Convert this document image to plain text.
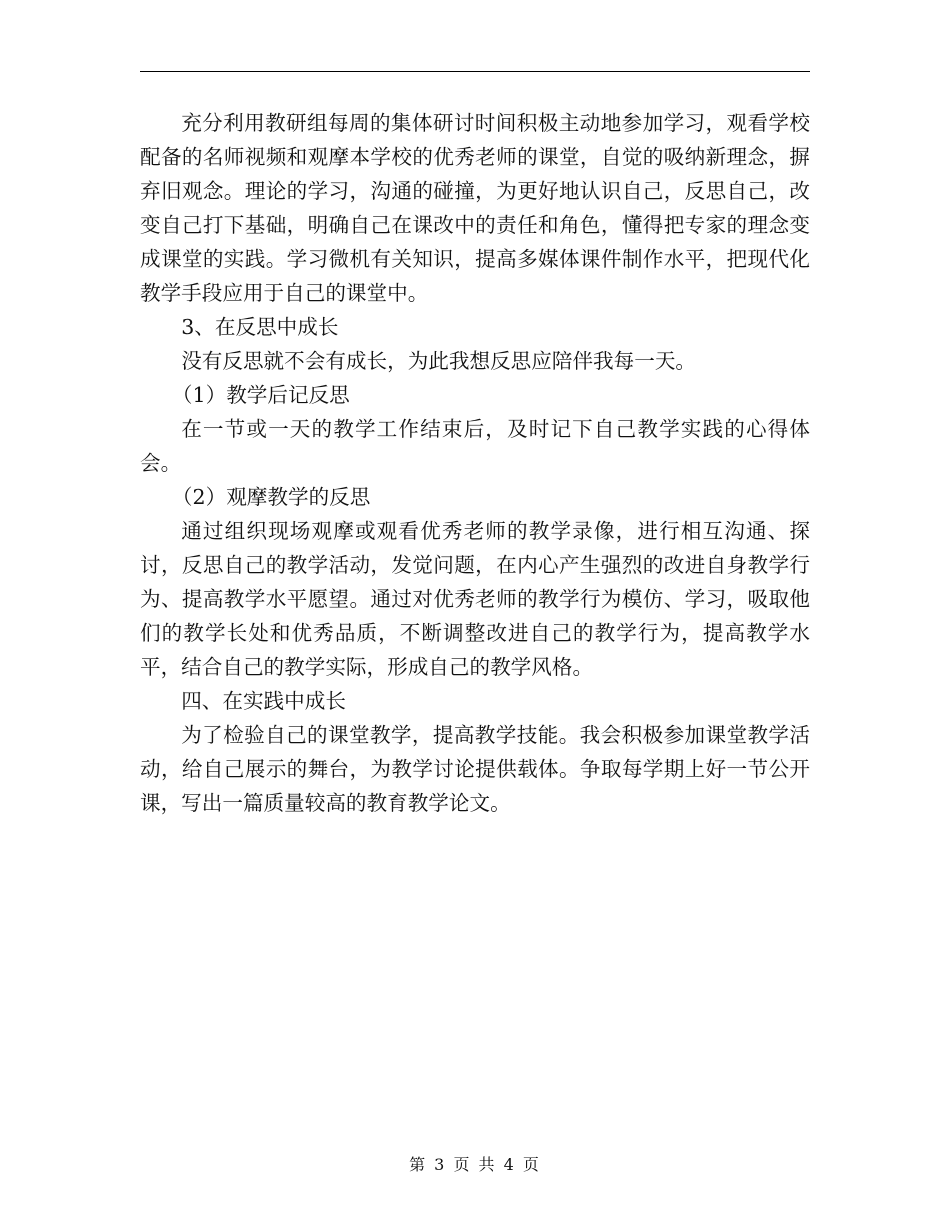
充分利用教研组每周的集体研讨时间积极主动地参加学习，观看学校配备的名师视频和观摩本学校的优秀老师的课堂，自觉的吸纳新理念，摒弃旧观念。理论的学习，沟通的碰撞，为更好地认识自己，反思自己，改变自己打下基础，明确自己在课改中的责任和角色，懂得把专家的理念变成课堂的实践。学习微机有关知识，提高多媒体课件制作水平，把现代化教学手段应用于自己的课堂中。

3、在反思中成长

没有反思就不会有成长，为此我想反思应陪伴我每一天。

（1）教学后记反思

在一节或一天的教学工作结束后，及时记下自己教学实践的心得体会。

（2）观摩教学的反思

通过组织现场观摩或观看优秀老师的教学录像，进行相互沟通、探讨，反思自己的教学活动，发觉问题，在内心产生强烈的改进自身教学行为、提高教学水平愿望。通过对优秀老师的教学行为模仿、学习，吸取他们的教学长处和优秀品质，不断调整改进自己的教学行为，提高教学水平，结合自己的教学实际，形成自己的教学风格。

四、在实践中成长

为了检验自己的课堂教学，提高教学技能。我会积极参加课堂教学活动，给自己展示的舞台，为教学讨论提供载体。争取每学期上好一节公开课，写出一篇质量较高的教育教学论文。

第 3 页 共 4 页
